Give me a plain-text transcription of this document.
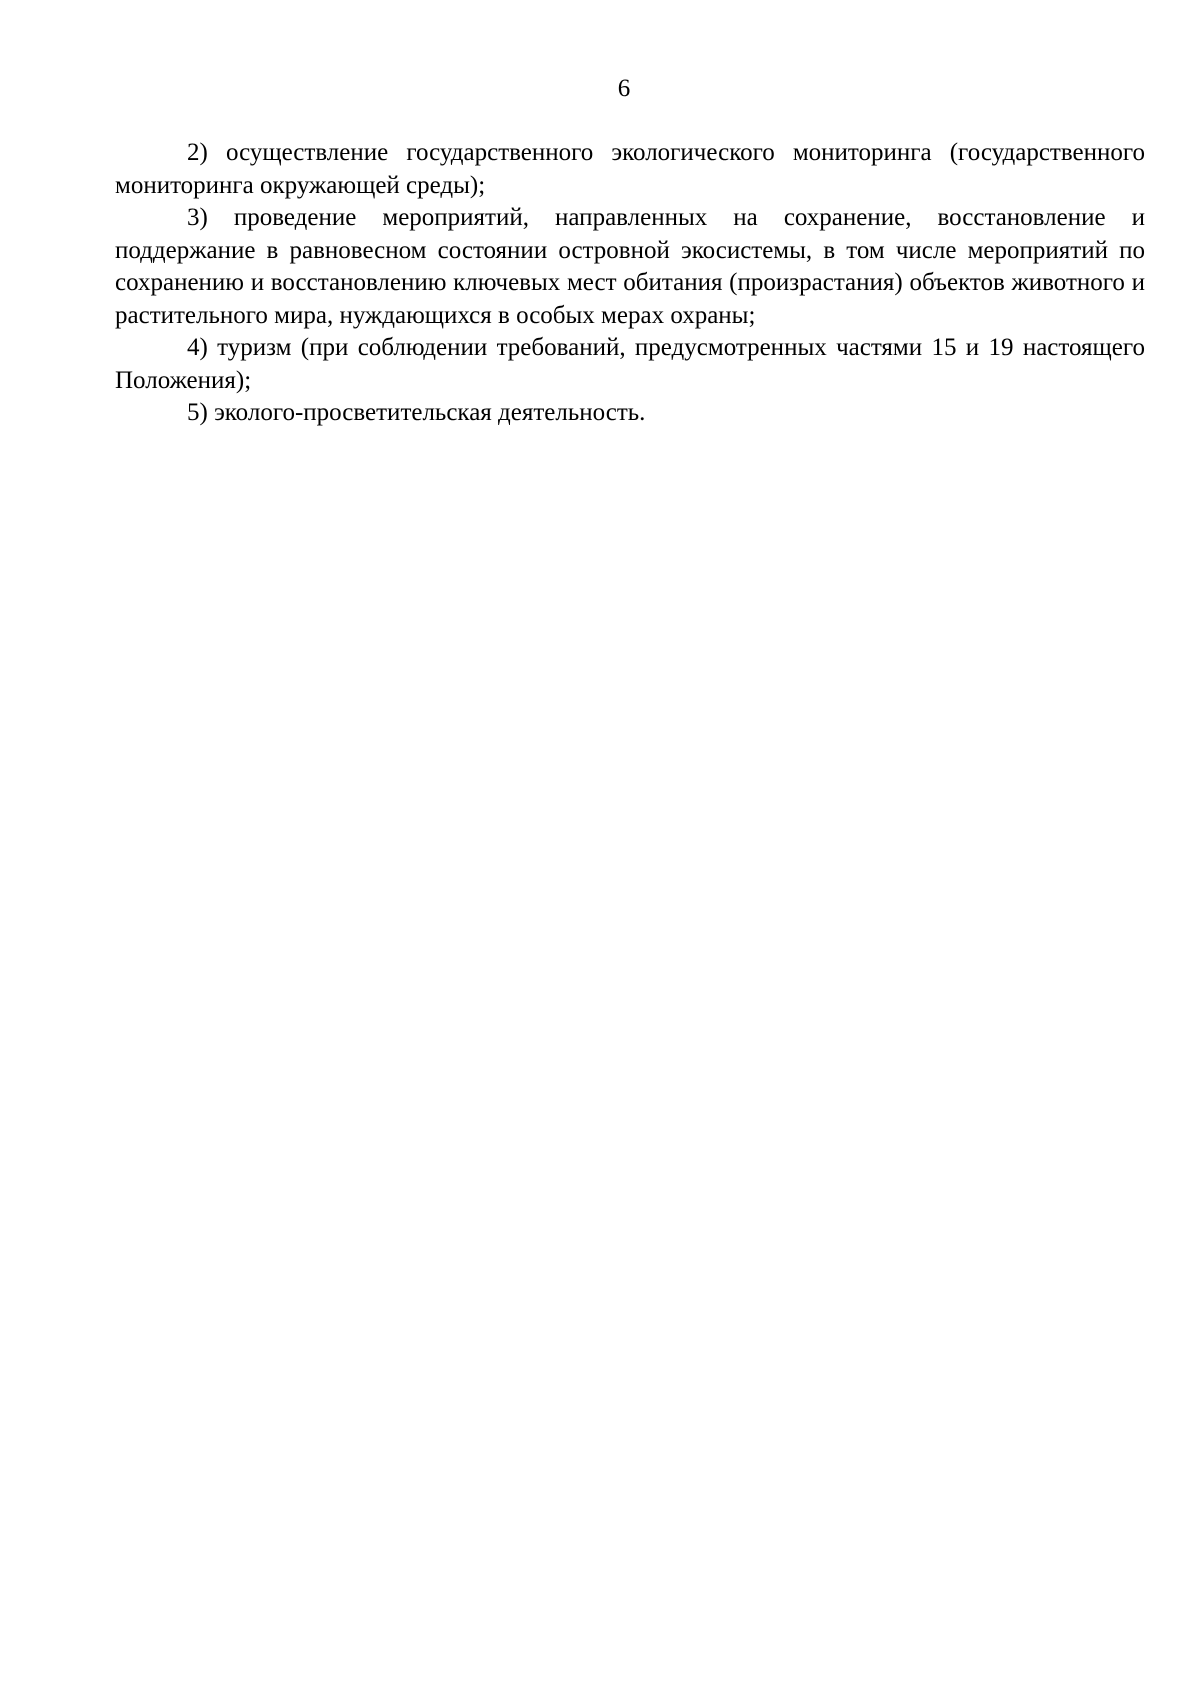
6

2) осуществление государственного экологического мониторинга (государственного мониторинга окружающей среды);

3) проведение мероприятий, направленных на сохранение, восстановление и поддержание в равновесном состоянии островной экосистемы, в том числе мероприятий по сохранению и восстановлению ключевых мест обитания (произрастания) объектов животного и растительного мира, нуждающихся в особых мерах охраны;

4) туризм (при соблюдении требований, предусмотренных частями 15 и 19 настоящего Положения);

5) эколого-просветительская деятельность.
